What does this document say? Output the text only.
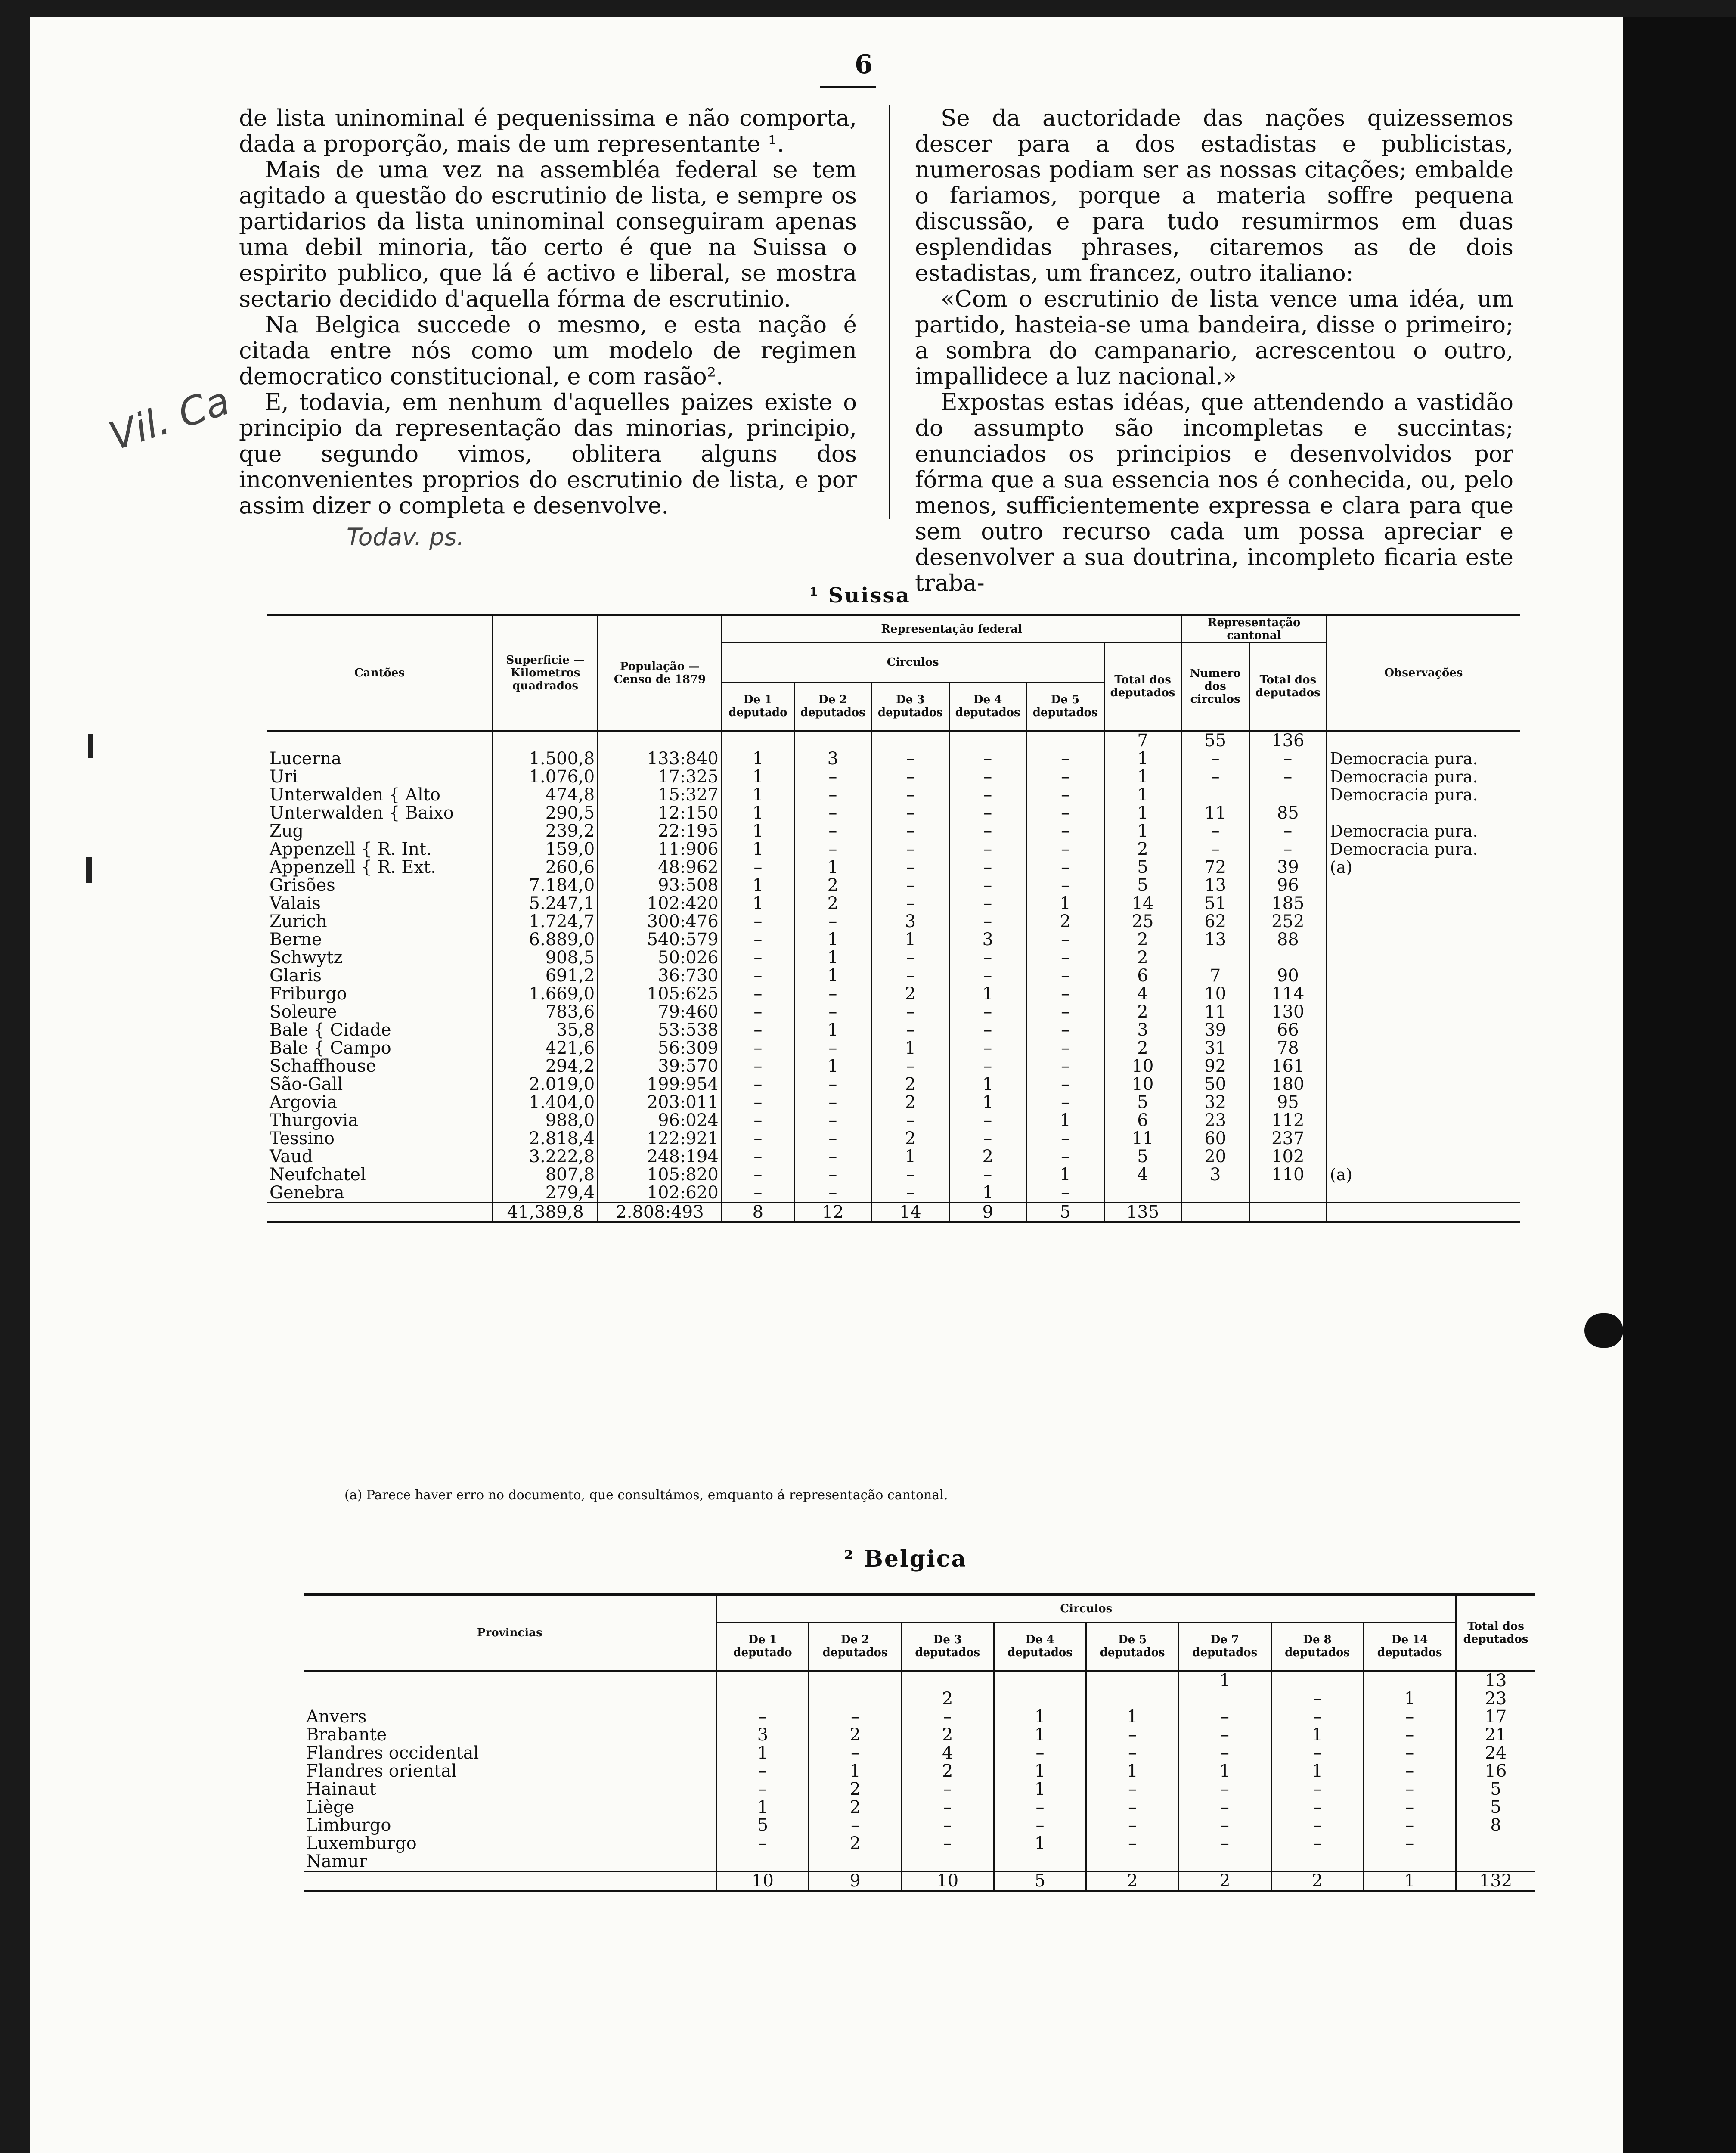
6

de lista uninominal é pequenissima e não comporta, dada a proporção, mais de um representante ¹.

Mais de uma vez na assembléa federal se tem agitado a questão do escrutinio de lista, e sempre os partidarios da lista uninominal conseguiram apenas uma debil minoria, tão certo é que na Suissa o espirito publico, que lá é activo e liberal, se mostra sectario decidido d'aquella fórma de escrutinio.

Na Belgica succede o mesmo, e esta nação é citada entre nós como um modelo de regimen democratico constitucional, e com rasão².

E, todavia, em nenhum d'aquelles paizes existe o principio da representação das minorias, principio, que segundo vimos, oblitera alguns dos inconvenientes proprios do escrutinio de lista, e por assim dizer o completa e desenvolve.

Se da auctoridade das nações quizessemos descer para a dos estadistas e publicistas, numerosas podiam ser as nossas citações; embalde o fariamos, porque a materia soffre pequena discussão, e para tudo resumirmos em duas esplendidas phrases, citaremos as de dois estadistas, um francez, outro italiano:

«Com o escrutinio de lista vence uma idéa, um partido, hasteia-se uma bandeira, disse o primeiro; a sombra do campanario, acrescentou o outro, impallidece a luz nacional.»

Expostas estas idéas, que attendendo a vastidão do assumpto são incompletas e succintas; enunciados os principios e desenvolvidos por fórma que a sua essencia nos é conhecida, ou, pelo menos, sufficientemente expressa e clara para que sem outro recurso cada um possa apreciar e desenvolver a sua doutrina, incompleto ficaria este traba-

Vil. Ca
Todav. ps.
¹ Suissa
Cantões	Superficie — Kilometros quadrados	População — Censo de 1879	Representação federal						Representação cantonal		Observações
			Circulos					Total dos deputados	Numero dos circulos	Total dos deputados	
			De 1 deputado	De 2 deputados	De 3 deputados	De 4 deputados	De 5 deputados				
								7	55	136	
Lucerna	1.500,8	133:840	1	3	–	–	–	1	–	–	Democracia pura.
Uri	1.076,0	17:325	1	–	–	–	–	1	–	–	Democracia pura.
Unterwalden { Alto	474,8	15:327	1	–	–	–	–	1			Democracia pura.
Unterwalden { Baixo	290,5	12:150	1	–	–	–	–	1	11	85	
Zug	239,2	22:195	1	–	–	–	–	1	–	–	Democracia pura.
Appenzell { R. Int.	159,0	11:906	1	–	–	–	–	2	–	–	Democracia pura.
Appenzell { R. Ext.	260,6	48:962	–	1	–	–	–	5	72	39	(a)
Grisões	7.184,0	93:508	1	2	–	–	–	5	13	96	
Valais	5.247,1	102:420	1	2	–	–	1	14	51	185	
Zurich	1.724,7	300:476	–	–	3	–	2	25	62	252	
Berne	6.889,0	540:579	–	1	1	3	–	2	13	88	
Schwytz	908,5	50:026	–	1	–	–	–	2			
Glaris	691,2	36:730	–	1	–	–	–	6	7	90	
Friburgo	1.669,0	105:625	–	–	2	1	–	4	10	114	
Soleure	783,6	79:460	–	–	–	–	–	2	11	130	
Bale { Cidade	35,8	53:538	–	1	–	–	–	3	39	66	
Bale { Campo	421,6	56:309	–	–	1	–	–	2	31	78	
Schaffhouse	294,2	39:570	–	1	–	–	–	10	92	161	
São-Gall	2.019,0	199:954	–	–	2	1	–	10	50	180	
Argovia	1.404,0	203:011	–	–	2	1	–	5	32	95	
Thurgovia	988,0	96:024	–	–	–	–	1	6	23	112	
Tessino	2.818,4	122:921	–	–	2	–	–	11	60	237	
Vaud	3.222,8	248:194	–	–	1	2	–	5	20	102	
Neufchatel	807,8	105:820	–	–	–	–	1	4	3	110	(a)
Genebra	279,4	102:620	–	–	–	1	–				
	41,389,8	2.808:493	8	12	14	9	5	135			
(a) Parece haver erro no documento, que consultámos, emquanto á representação cantonal.
² Belgica
Provincias	Circulos								Total dos deputados
	De 1 deputado	De 2 deputados	De 3 deputados	De 4 deputados	De 5 deputados	De 7 deputados	De 8 deputados	De 14 deputados	
						1			13
			2				–	1	23
Anvers	–	–	–	1	1	–	–	–	17
Brabante	3	2	2	1	–	–	1	–	21
Flandres occidental	1	–	4	–	–	–	–	–	24
Flandres oriental	–	1	2	1	1	1	1	–	16
Hainaut	–	2	–	1	–	–	–	–	5
Liège	1	2	–	–	–	–	–	–	5
Limburgo	5	–	–	–	–	–	–	–	8
Luxemburgo	–	2	–	1	–	–	–	–	
Namur									
	10	9	10	5	2	2	2	1	132
